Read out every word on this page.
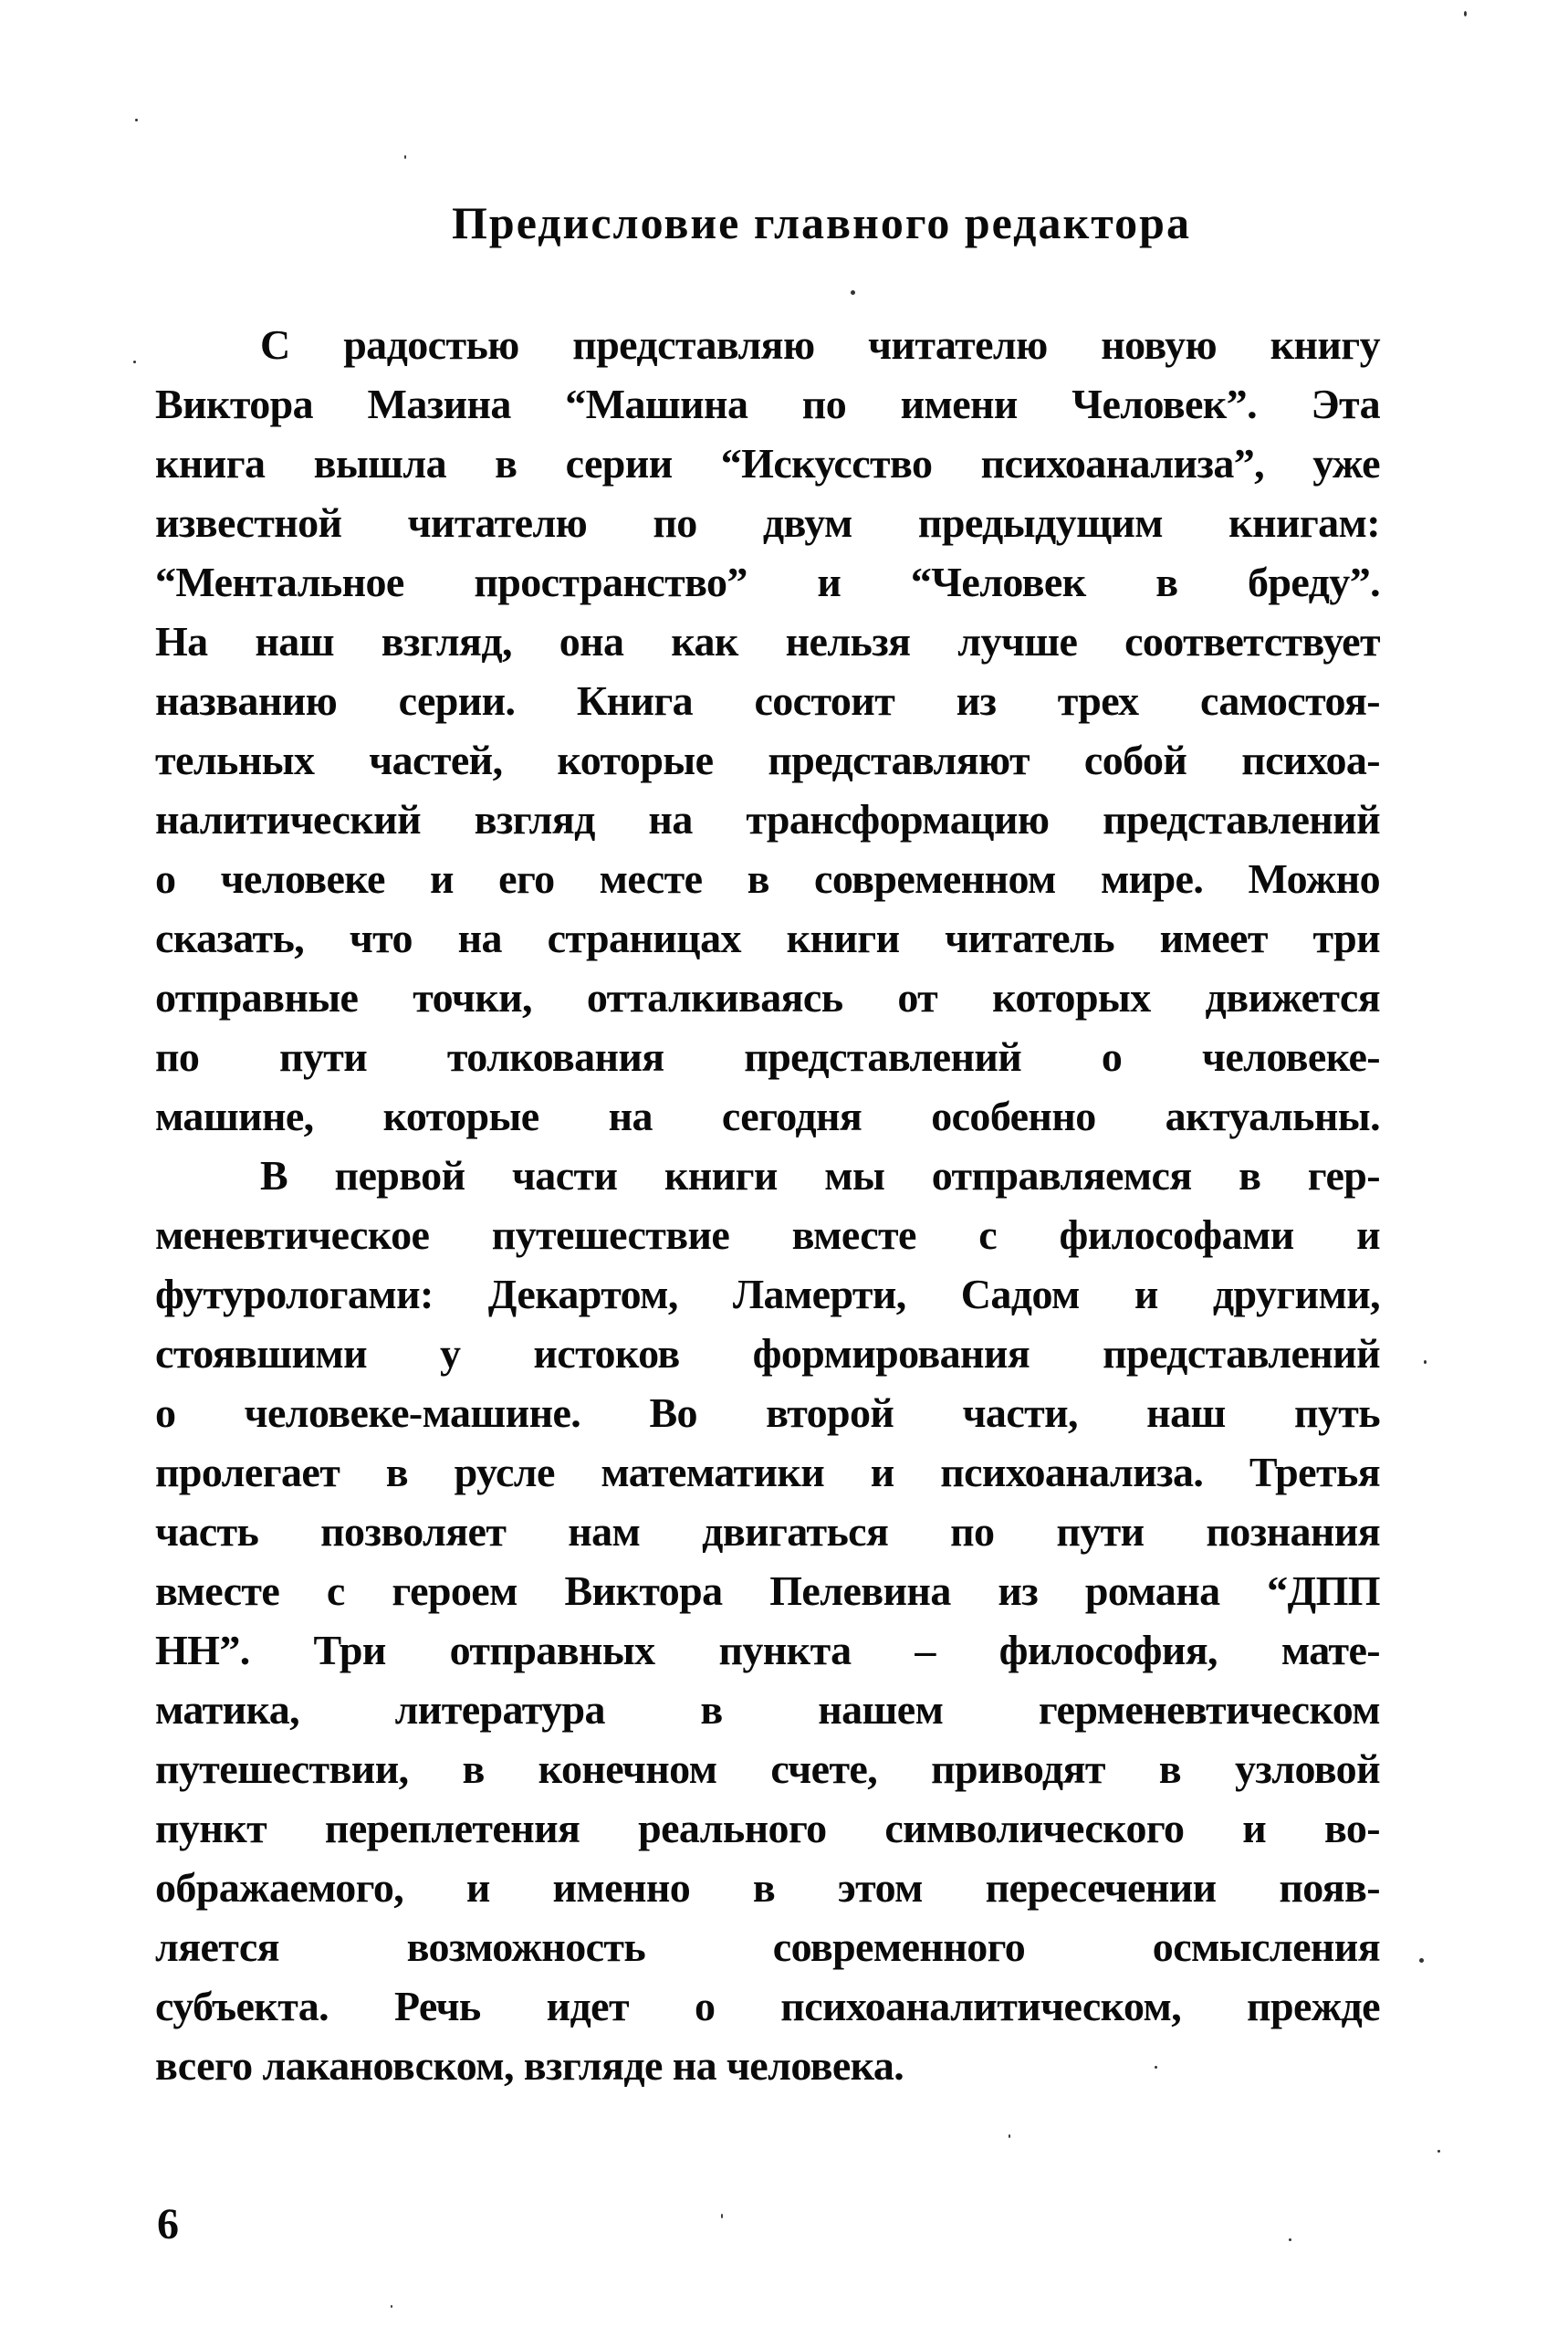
Предисловие главного редактора
С радостью представляю читателю новую книгу
Виктора Мазина “Машина по имени Человек”. Эта
книга вышла в серии “Искусство психоанализа”, уже
известной читателю по двум предыдущим книгам:
“Ментальное пространство” и “Человек в бреду”.
На наш взгляд, она как нельзя лучше соответствует
названию серии. Книга состоит из трех самостоя-
тельных частей, которые представляют собой психоа-
налитический взгляд на трансформацию представлений
о человеке и его месте в современном мире. Можно
сказать, что на страницах книги читатель имеет три
отправные точки, отталкиваясь от которых движется
по пути толкования представлений о человеке-
машине, которые на сегодня особенно актуальны.
В первой части книги мы отправляемся в гер-
меневтическое путешествие вместе с философами и
футурологами: Декартом, Ламерти, Садом и другими,
стоявшими у истоков формирования представлений
о человеке-машине. Во второй части, наш путь
пролегает в русле математики и психоанализа. Третья
часть позволяет нам двигаться по пути познания
вместе с героем Виктора Пелевина из романа “ДПП
НН”. Три отправных пункта – философия, мате-
матика, литература в нашем герменевтическом
путешествии, в конечном счете, приводят в узловой
пункт переплетения реального символического и во-
ображаемого, и именно в этом пересечении появ-
ляется возможность современного осмысления
субъекта. Речь идет о психоаналитическом, прежде
всего лакановском, взгляде на человека.
6
